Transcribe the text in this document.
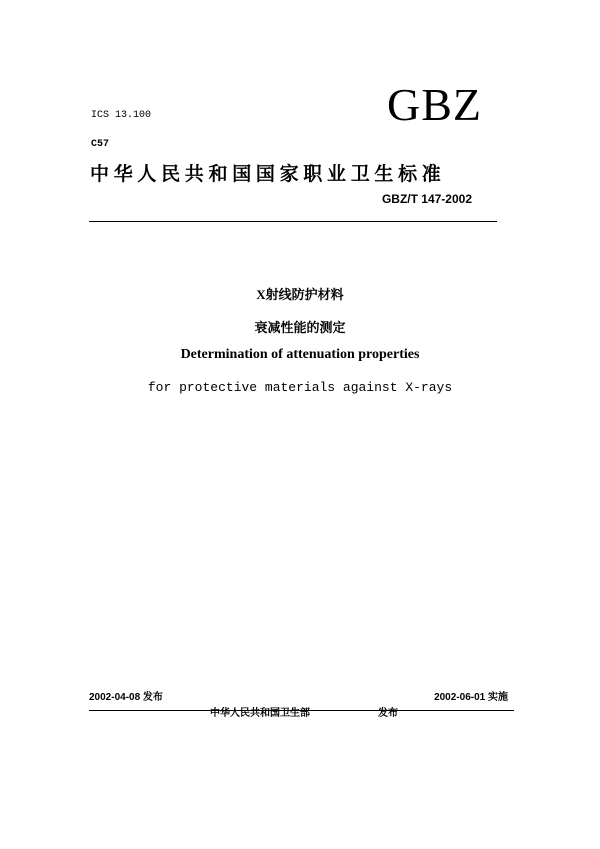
ICS 13.100	GBZ
C57
中华人民共和国国家职业卫生标准
GBZ/T 147-2002
X射线防护材料
衰减性能的测定
Determination of attenuation properties
for protective materials against X-rays
2002-04-08 发布	2002-06-01 实施
中华人民共和国卫生部	发布
